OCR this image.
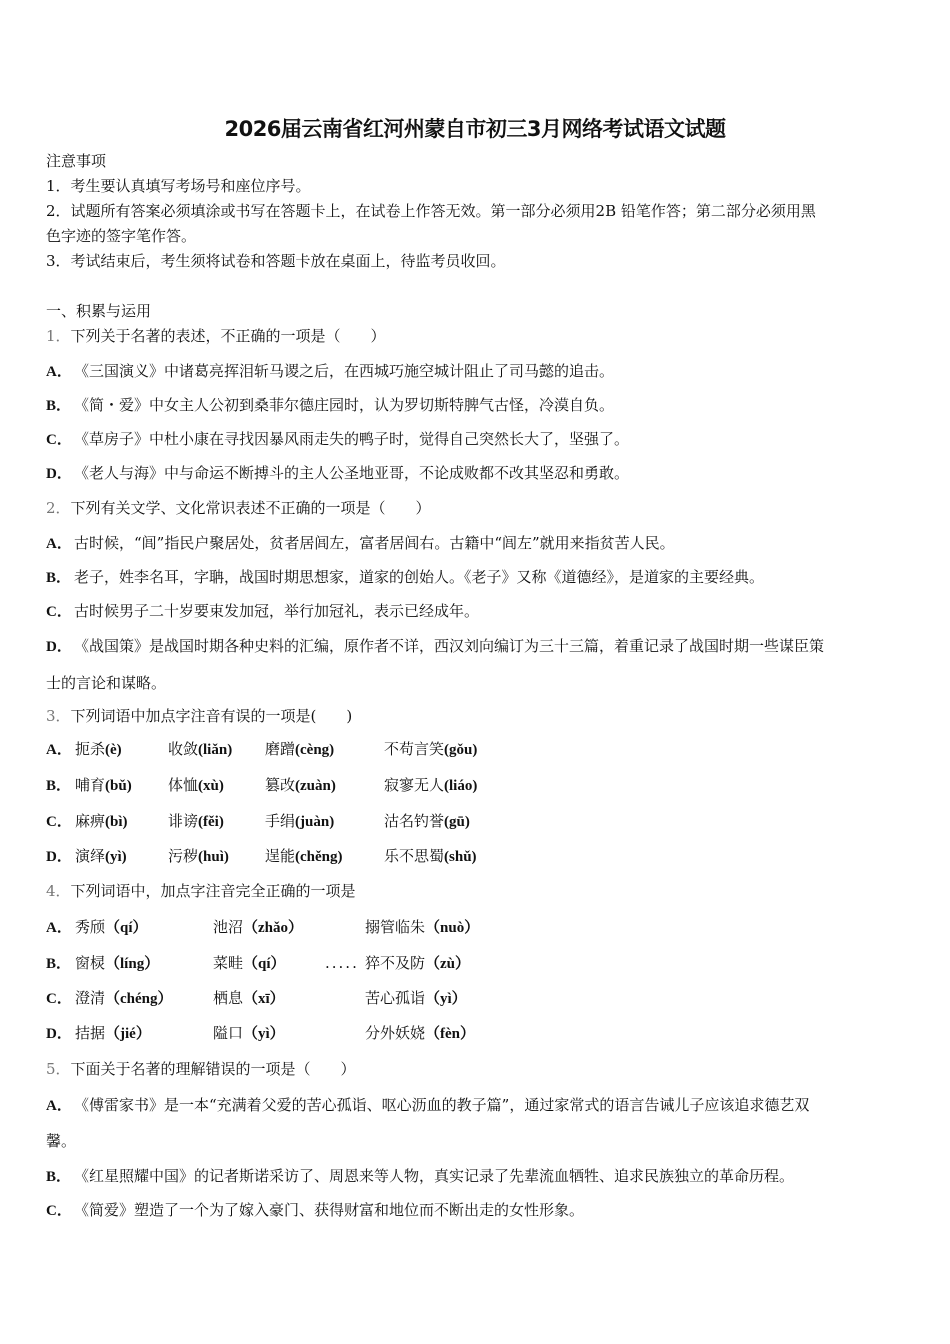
2026届云南省红河州蒙自市初三3月网络考试语文试题
注意事项
1．考生要认真填写考场号和座位序号。
2．试题所有答案必须填涂或书写在答题卡上，在试卷上作答无效。第一部分必须用2B 铅笔作答；第二部分必须用黑
色字迹的签字笔作答。
3．考试结束后，考生须将试卷和答题卡放在桌面上，待监考员收回。
一、积累与运用
1．下列关于名著的表述，不正确的一项是（　　）
A． 《三国演义》中诸葛亮挥泪斩马谡之后，在西城巧施空城计阻止了司马懿的追击。
B． 《简・爱》中女主人公初到桑菲尔德庄园时，认为罗切斯特脾气古怪，冷漠自负。
C． 《草房子》中杜小康在寻找因暴风雨走失的鸭子时，觉得自己突然长大了，坚强了。
D． 《老人与海》中与命运不断搏斗的主人公圣地亚哥，不论成败都不改其坚忍和勇敢。
2．下列有关文学、文化常识表述不正确的一项是（　　）
A． 古时候，“闾”指民户聚居处，贫者居闾左，富者居闾右。古籍中“闾左”就用来指贫苦人民。
B． 老子，姓李名耳，字聃，战国时期思想家，道家的创始人。《老子》又称《道德经》，是道家的主要经典。
C． 古时候男子二十岁要束发加冠，举行加冠礼，表示已经成年。
D． 《战国策》是战国时期各种史料的汇编，原作者不详，西汉刘向编订为三十三篇，着重记录了战国时期一些谋臣策
士的言论和谋略。
3．下列词语中加点字注音有误的一项是(　　)
A． 扼杀(è)	收敛(liǎn) 磨蹭(cèng)	不苟言笑(gǒu)
B． 哺育(bǔ) 体恤(xù)	篡改(zuàn)	寂寥无人(liáo)
C． 麻痹(bì)	诽谤(fěi)	手绢(juàn)	沽名钓誉(gū)
D． 演绎(yì)	污秽(huì) 逞能(chěng)	乐不思蜀(shǔ)
4．下列词语中，加点字注音完全正确的一项是
A． 秀颀（qí）	池沼（zhǎo）	搦管临朱（nuò）
B． 窗棂（líng）	菜畦（qí）	猝不及防（zù）
.....
C． 澄清（chéng）	栖息（xī）	苦心孤诣（yì）
D． 拮据（jié）	隘口（yì）	分外妖娆（fèn）
5．下面关于名著的理解错误的一项是（　　）
A． 《傅雷家书》是一本“充满着父爱的苦心孤诣、呕心沥血的教子篇”，通过家常式的语言告诫儿子应该追求德艺双
馨。
B． 《红星照耀中国》的记者斯诺采访了、周恩来等人物，真实记录了先辈流血牺牲、追求民族独立的革命历程。
C． 《简爱》塑造了一个为了嫁入豪门、获得财富和地位而不断出走的女性形象。
